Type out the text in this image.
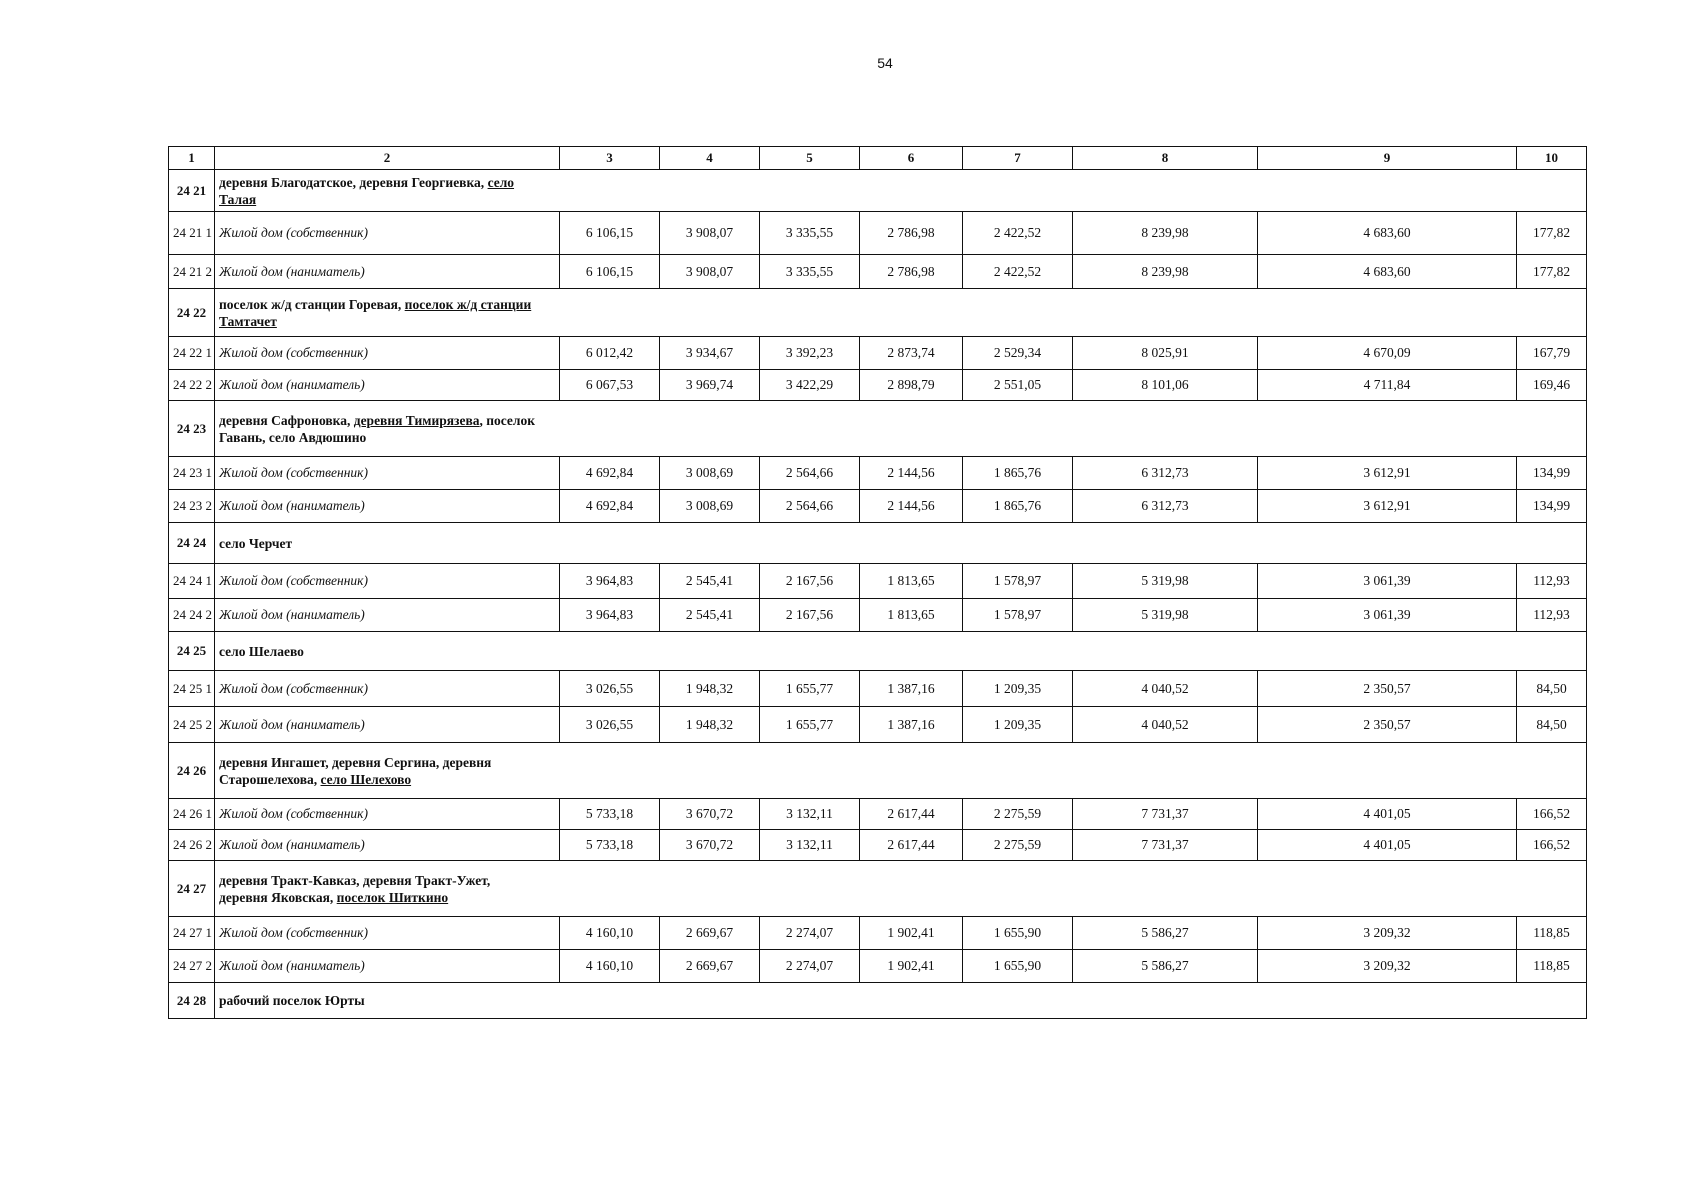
54
1	2	3	4	5	6	7	8	9	10
24 21	деревня Благодатское, деревня Георгиевка, село Талая								

24 21 1	Жилой дом (собственник)	6 106,15	3 908,07	3 335,55	2 786,98	2 422,52	8 239,98	4 683,60	177,82
24 21 2	Жилой дом (наниматель)	6 106,15	3 908,07	3 335,55	2 786,98	2 422,52	8 239,98	4 683,60	177,82
24 22	поселок ж/д станции Горевая, поселок ж/д станции Тамтачет								

24 22 1	Жилой дом (собственник)	6 012,42	3 934,67	3 392,23	2 873,74	2 529,34	8 025,91	4 670,09	167,79
24 22 2	Жилой дом (наниматель)	6 067,53	3 969,74	3 422,29	2 898,79	2 551,05	8 101,06	4 711,84	169,46
24 23	деревня Сафроновка, деревня Тимирязева, поселок Гавань, село Авдюшино								

24 23 1	Жилой дом (собственник)	4 692,84	3 008,69	2 564,66	2 144,56	1 865,76	6 312,73	3 612,91	134,99
24 23 2	Жилой дом (наниматель)	4 692,84	3 008,69	2 564,66	2 144,56	1 865,76	6 312,73	3 612,91	134,99
24 24	село Черчет								

24 24 1	Жилой дом (собственник)	3 964,83	2 545,41	2 167,56	1 813,65	1 578,97	5 319,98	3 061,39	112,93
24 24 2	Жилой дом (наниматель)	3 964,83	2 545,41	2 167,56	1 813,65	1 578,97	5 319,98	3 061,39	112,93
24 25	село Шелаево								

24 25 1	Жилой дом (собственник)	3 026,55	1 948,32	1 655,77	1 387,16	1 209,35	4 040,52	2 350,57	84,50
24 25 2	Жилой дом (наниматель)	3 026,55	1 948,32	1 655,77	1 387,16	1 209,35	4 040,52	2 350,57	84,50
24 26	деревня Ингашет, деревня Сергина, деревня Старошелехова, село Шелехово								

24 26 1	Жилой дом (собственник)	5 733,18	3 670,72	3 132,11	2 617,44	2 275,59	7 731,37	4 401,05	166,52
24 26 2	Жилой дом (наниматель)	5 733,18	3 670,72	3 132,11	2 617,44	2 275,59	7 731,37	4 401,05	166,52
24 27	деревня Тракт-Кавказ, деревня Тракт-Ужет, деревня Яковская, поселок Шиткино								

24 27 1	Жилой дом (собственник)	4 160,10	2 669,67	2 274,07	1 902,41	1 655,90	5 586,27	3 209,32	118,85
24 27 2	Жилой дом (наниматель)	4 160,10	2 669,67	2 274,07	1 902,41	1 655,90	5 586,27	3 209,32	118,85
24 28	рабочий поселок Юрты								
